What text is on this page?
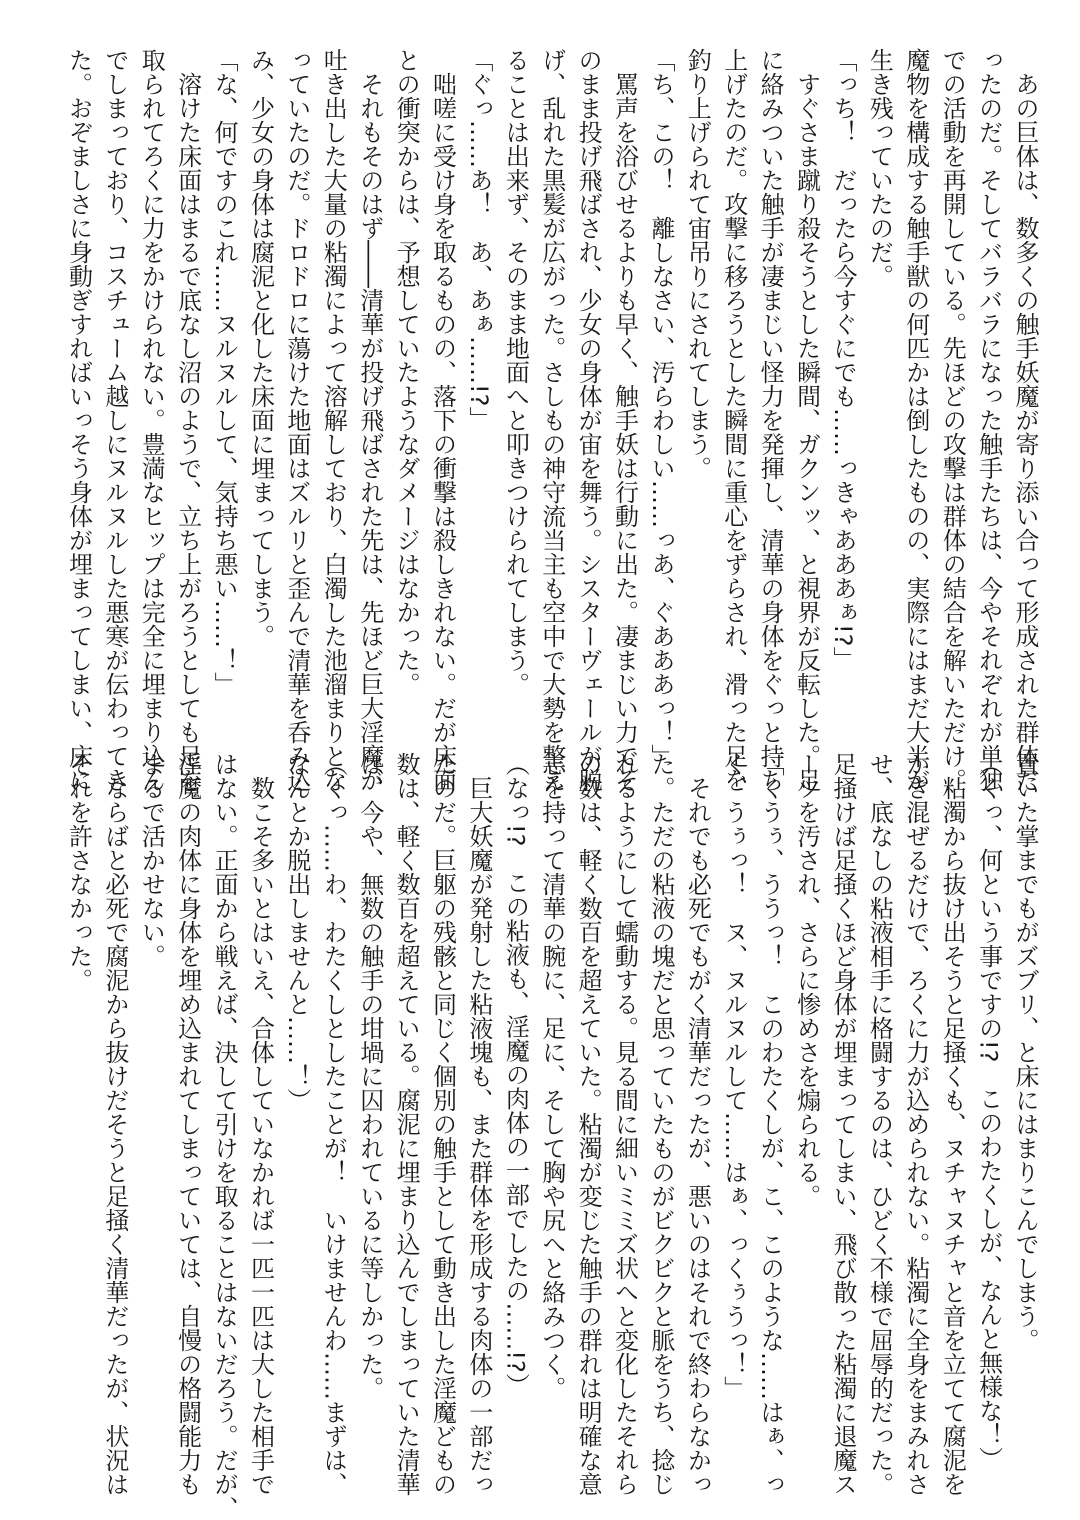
　あの巨体は、数多くの触手妖魔が寄り添い合って形成された群体だ
ったのだ。そしてバラバラになった触手たちは、今やそれぞれが単独
での活動を再開している。先ほどの攻撃は群体の結合を解いただけ。
魔物を構成する触手獣の何匹かは倒したものの、実際にはまだ大半が
生き残っていたのだ。
「っち！　だったら今すぐにでも……っきゃあああぁ!?」
　すぐさま蹴り殺そうとした瞬間、ガクンッ、と視界が反転した。足
に絡みついた触手が凄まじい怪力を発揮し、清華の身体をぐっと持ち
上げたのだ。攻撃に移ろうとした瞬間に重心をずらされ、滑った足を
釣り上げられて宙吊りにされてしまう。
「ち、この！　離しなさい、汚らわしい……っあ、ぐあああっ！」
　罵声を浴びせるよりも早く、触手妖は行動に出た。凄まじい力でそ
のまま投げ飛ばされ、少女の身体が宙を舞う。シスターヴェールが脱
げ、乱れた黒髪が広がった。さしもの神守流当主も空中で大勢を整え
ることは出来ず、そのまま地面へと叩きつけられてしまう。
「ぐっ……あ！　あ、あぁ……!?」
　咄嗟に受け身を取るものの、落下の衝撃は殺しきれない。だが床面
との衝突からは、予想していたようなダメージはなかった。
　それもそのはず――清華が投げ飛ばされた先は、先ほど巨大淫魔が
吐き出した大量の粘濁によって溶解しており、白濁した池溜まりとな
っていたのだ。ドロドロに蕩けた地面はズルリと歪んで清華を呑み込
み、少女の身体は腐泥と化した床面に埋まってしまう。
「な、何ですのこれ……ヌルヌルして、気持ち悪い……！」
　溶けた床面はまるで底なし沼のようで、立ち上がろうとしても足を
取られてろくに力をかけられない。豊満なヒップは完全に埋まり込ん
でしまっており、コスチューム越しにヌルヌルした悪寒が伝わってき
た。おぞましさに身動ぎすればいっそう身体が埋まってしまい、床に
置いた掌までもがズブリ、と床にはまりこんでしまう。
（くっ、何という事ですの!?　このわたくしが、なんと無様な！）
　粘濁から抜け出そうと足掻くも、ヌチャヌチャと音を立てて腐泥を
かき混ぜるだけで、ろくに力が込められない。粘濁に全身をまみれさ
せ、底なしの粘液相手に格闘するのは、ひどく不様で屈辱的だった。
足掻けば足掻くほど身体が埋まってしまい、飛び散った粘濁に退魔ス
ーツを汚され、さらに惨めさを煽られる。
「くうぅ、ううっ！　このわたくしが、こ、このような……はぁ、っ
く、うぅっ！　ヌ、ヌルヌルして……はぁ、っくぅうっ！」
　それでも必死でもがく清華だったが、悪いのはそれで終わらなかっ
た。ただの粘液の塊だと思っていたものがビクビクと脈をうち、捻じ
れるようにして蠕動する。見る間に細いミミズ状へと変化したそれら
の数は、軽く数百を超えていた。粘濁が変じた触手の群れは明確な意
志を持って清華の腕に、足に、そして胸や尻へと絡みつく。
（なっ!?　この粘液も、淫魔の肉体の一部でしたの……!?）
　巨大妖魔が発射した粘液塊も、また群体を形成する肉体の一部だっ
たのだ。巨躯の残骸と同じく個別の触手として動き出した淫魔どもの
数は、軽く数百を超えている。腐泥に埋まり込んでしまっていた清華
は、今や、無数の触手の坩堝に囚われているに等しかった。
（くっ……わ、わたくしとしたことが！　いけませんわ……まずは、
なんとか脱出しませんと……！）
　数こそ多いとはいえ、合体していなかれば一匹一匹は大した相手で
はない。正面から戦えば、決して引けを取ることはないだろう。だが、
淫魔の肉体に身体を埋め込まれてしまっていては、自慢の格闘能力も
まるで活かせない。
　ならばと必死で腐泥から抜けだそうと足掻く清華だったが、状況は
それを許さなかった。
